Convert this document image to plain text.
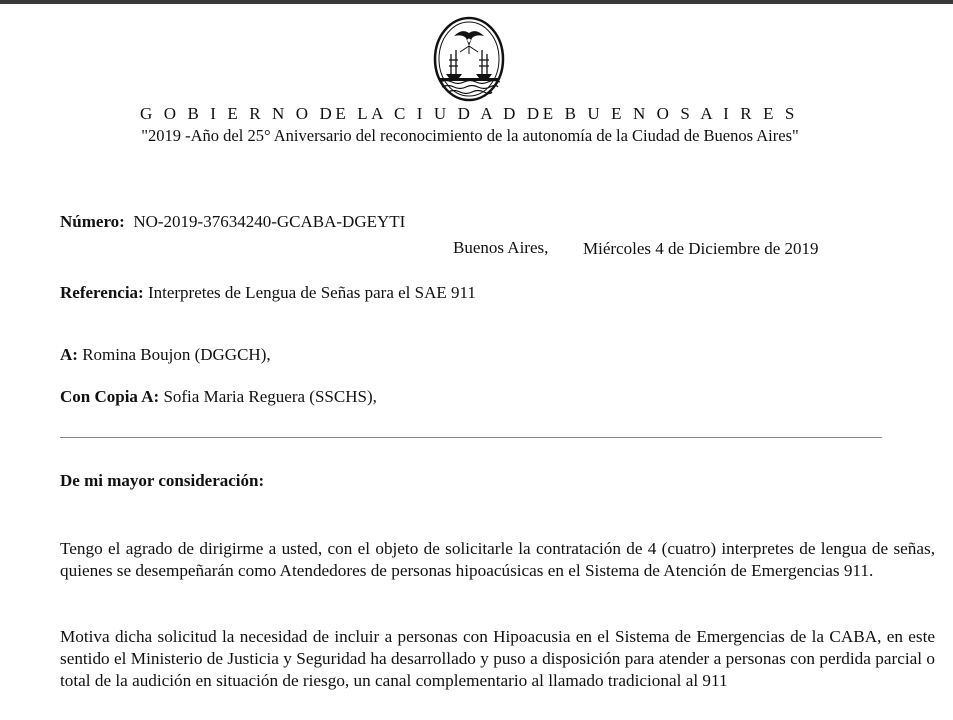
G O B I E R N O DE LA C I U D A D DE B U E N O S A I R E S
"2019 -Año del 25° Aniversario del reconocimiento de la autonomía de la Ciudad de Buenos Aires"
Número: NO-2019-37634240-GCABA-DGEYTI
Buenos Aires, Miércoles 4 de Diciembre de 2019
Referencia: Interpretes de Lengua de Señas para el SAE 911
A: Romina Boujon (DGGCH),
Con Copia A: Sofia Maria Reguera (SSCHS),
De mi mayor consideración:
Tengo el agrado de dirigirme a usted, con el objeto de solicitarle la contratación de 4 (cuatro) interpretes de lengua de señas, quienes se desempeñarán como Atendedores de personas hipoacúsicas en el Sistema de Atención de Emergencias 911.
Motiva dicha solicitud la necesidad de incluir a personas con Hipoacusia en el Sistema de Emergencias de la CABA, en este sentido el Ministerio de Justicia y Seguridad ha desarrollado y puso a disposición para atender a personas con perdida parcial o total de la audición en situación de riesgo, un canal complementario al llamado tradicional al 911
